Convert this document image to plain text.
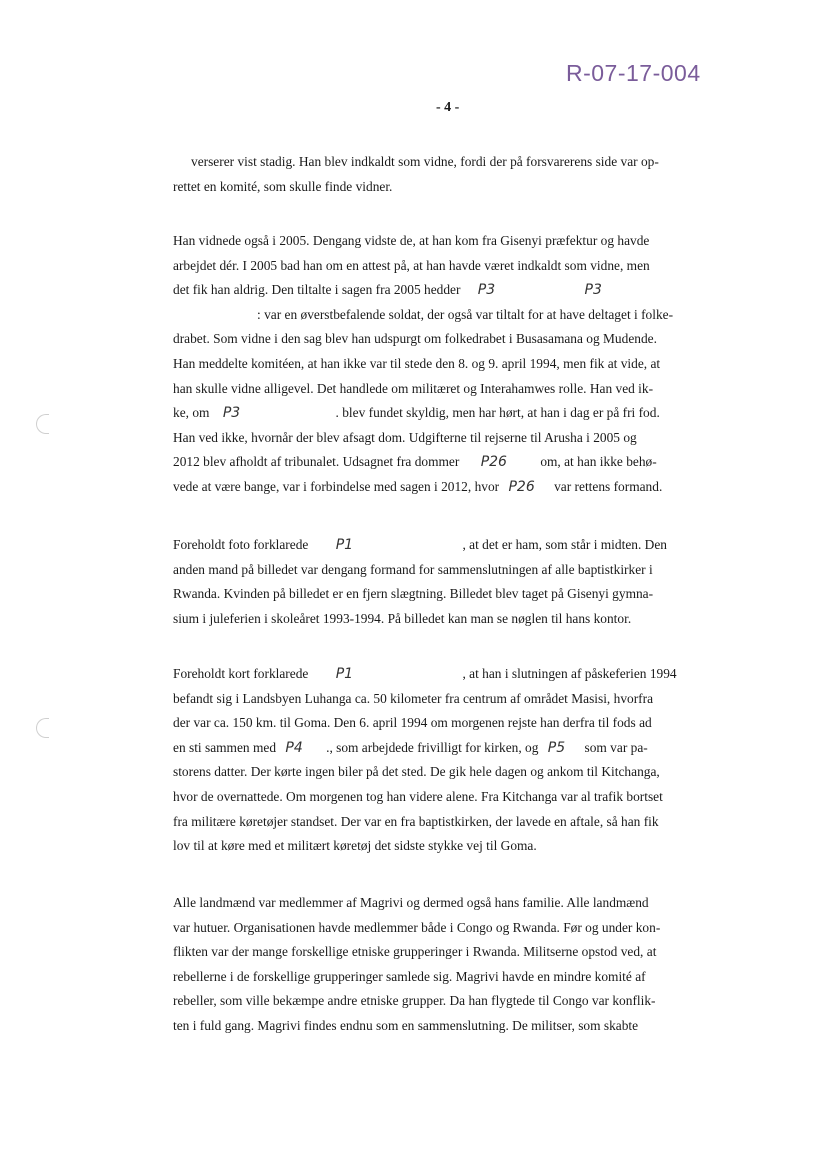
R-07-17-004
- 4 -
verserer vist stadig. Han blev indkaldt som vidne, fordi der på forsvarerens side var op-
rettet en komité, som skulle finde vidner.
Han vidnede også i 2005. Dengang vidste de, at han kom fra Gisenyi præfektur og havde
arbejdet dér. I 2005 bad han om en attest på, at han havde været indkaldt som vidne, men
det fik han aldrig. Den tiltalte i sagen fra 2005 hedder P3	P3
: var en øverstbefalende soldat, der også var tiltalt for at have deltaget i folke-
drabet. Som vidne i den sag blev han udspurgt om folkedrabet i Busasamana og Mudende.
Han meddelte komitéen, at han ikke var til stede den 8. og 9. april 1994, men fik at vide, at
han skulle vidne alligevel. Det handlede om militæret og Interahamwes rolle. Han ved ik-
ke, om P3	. blev fundet skyldig, men har hørt, at han i dag er på fri fod.
Han ved ikke, hvornår der blev afsagt dom. Udgifterne til rejserne til Arusha i 2005 og
2012 blev afholdt af tribunalet. Udsagnet fra dommer P26 om, at han ikke behø-
vede at være bange, var i forbindelse med sagen i 2012, hvor P26 var rettens formand.
Foreholdt foto forklarede P1	, at det er ham, som står i midten. Den
anden mand på billedet var dengang formand for sammenslutningen af alle baptistkirker i
Rwanda. Kvinden på billedet er en fjern slægtning. Billedet blev taget på Gisenyi gymna-
sium i juleferien i skoleåret 1993-1994. På billedet kan man se nøglen til hans kontor.
Foreholdt kort forklarede P1	, at han i slutningen af påskeferien 1994
befandt sig i Landsbyen Luhanga ca. 50 kilometer fra centrum af området Masisi, hvorfra
der var ca. 150 km. til Goma. Den 6. april 1994 om morgenen rejste han derfra til fods ad
en sti sammen med P4 ., som arbejdede frivilligt for kirken, og P5 som var pa-
storens datter. Der kørte ingen biler på det sted. De gik hele dagen og ankom til Kitchanga,
hvor de overnattede. Om morgenen tog han videre alene. Fra Kitchanga var al trafik bortset
fra militære køretøjer standset. Der var en fra baptistkirken, der lavede en aftale, så han fik
lov til at køre med et militært køretøj det sidste stykke vej til Goma.
Alle landmænd var medlemmer af Magrivi og dermed også hans familie. Alle landmænd
var hutuer. Organisationen havde medlemmer både i Congo og Rwanda. Før og under kon-
flikten var der mange forskellige etniske grupperinger i Rwanda. Militserne opstod ved, at
rebellerne i de forskellige grupperinger samlede sig. Magrivi havde en mindre komité af
rebeller, som ville bekæmpe andre etniske grupper. Da han flygtede til Congo var konflik-
ten i fuld gang. Magrivi findes endnu som en sammenslutning. De militser, som skabte
